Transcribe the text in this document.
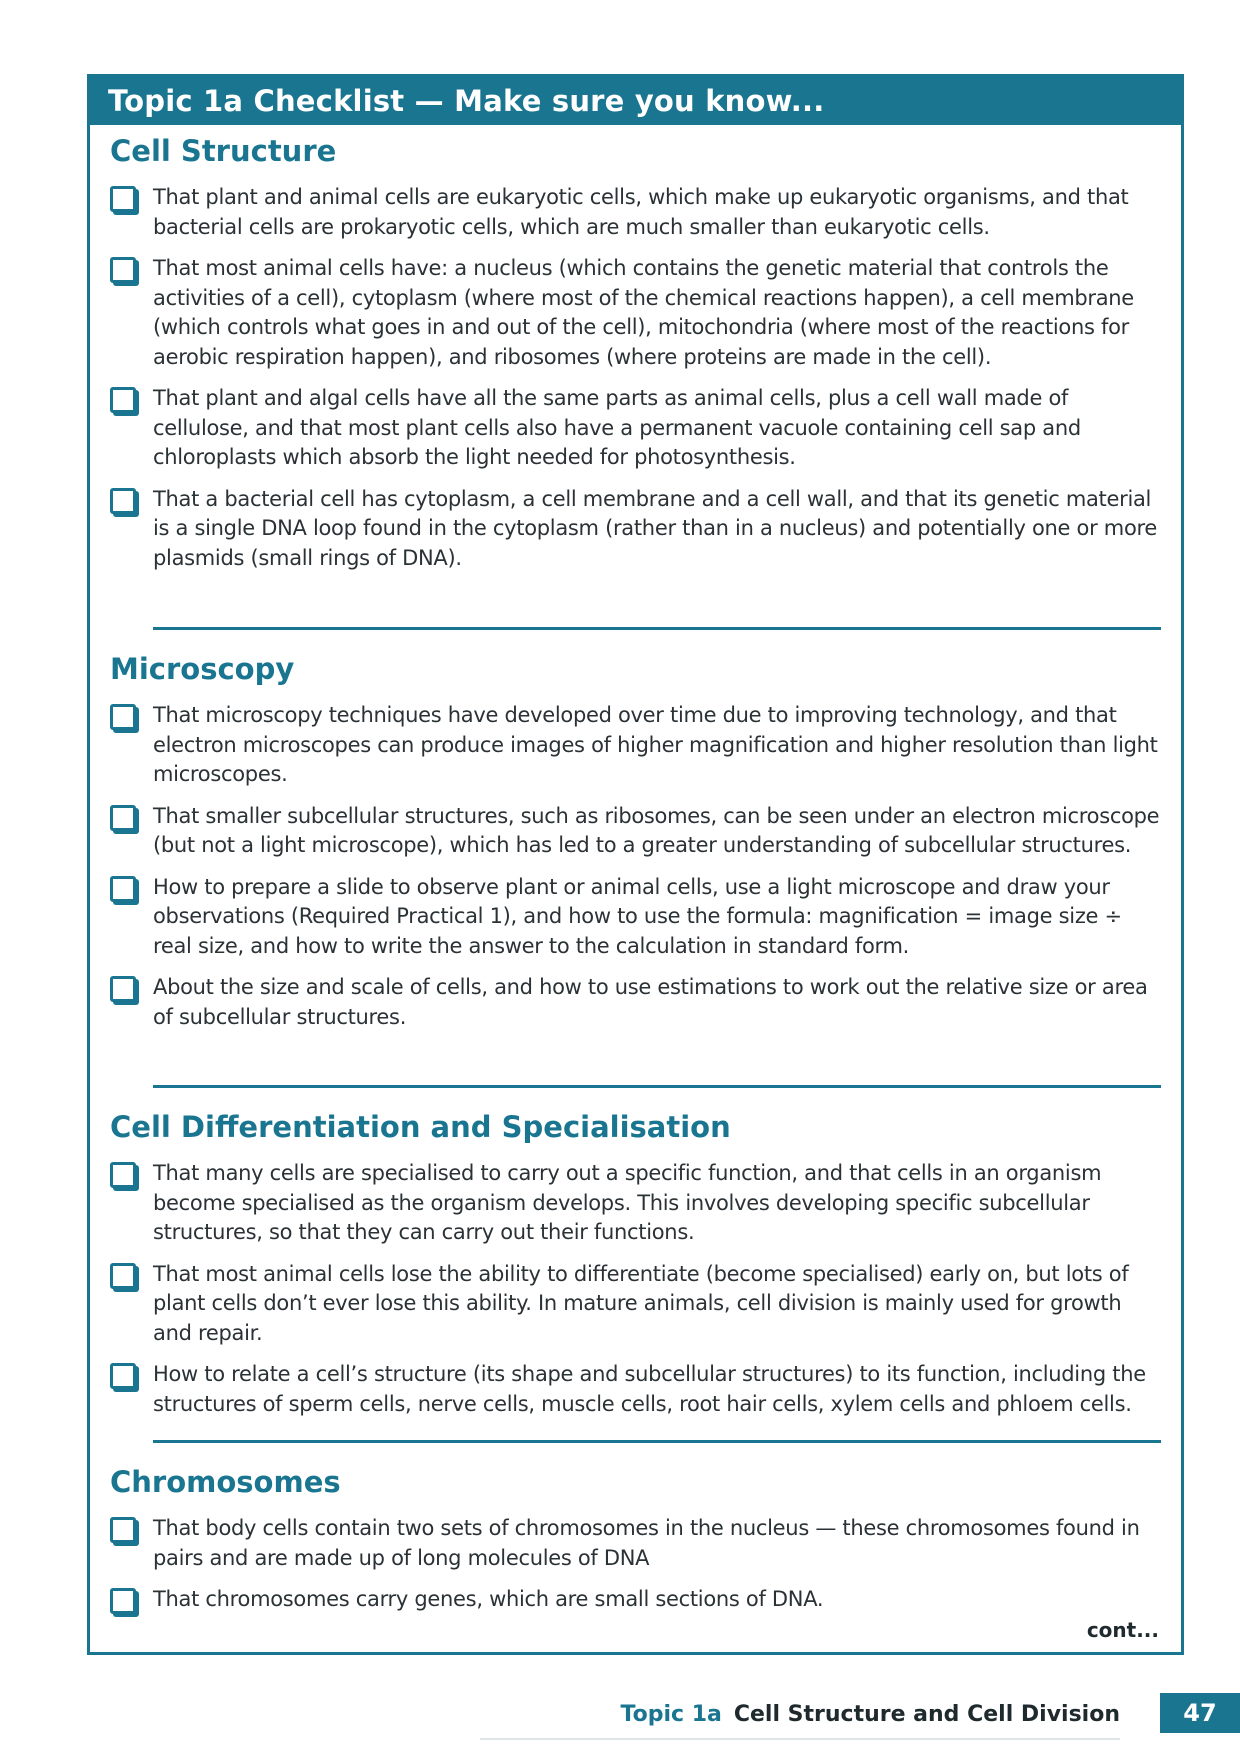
Topic 1a Checklist — Make sure you know...
Cell Structure
That plant and animal cells are eukaryotic cells, which make up eukaryotic organisms, and that bacterial cells are prokaryotic cells, which are much smaller than eukaryotic cells.
That most animal cells have: a nucleus (which contains the genetic material that controls the activities of a cell), cytoplasm (where most of the chemical reactions happen), a cell membrane (which controls what goes in and out of the cell), mitochondria (where most of the reactions for aerobic respiration happen), and ribosomes (where proteins are made in the cell).
That plant and algal cells have all the same parts as animal cells, plus a cell wall made of cellulose, and that most plant cells also have a permanent vacuole containing cell sap and chloroplasts which absorb the light needed for photosynthesis.
That a bacterial cell has cytoplasm, a cell membrane and a cell wall, and that its genetic material is a single DNA loop found in the cytoplasm (rather than in a nucleus) and potentially one or more plasmids (small rings of DNA).
Microscopy
That microscopy techniques have developed over time due to improving technology, and that electron microscopes can produce images of higher magnification and higher resolution than light microscopes.
That smaller subcellular structures, such as ribosomes, can be seen under an electron microscope (but not a light microscope), which has led to a greater understanding of subcellular structures.
How to prepare a slide to observe plant or animal cells, use a light microscope and draw your observations (Required Practical 1), and how to use the formula: magnification = image size ÷ real size, and how to write the answer to the calculation in standard form.
About the size and scale of cells, and how to use estimations to work out the relative size or area of subcellular structures.
Cell Differentiation and Specialisation
That many cells are specialised to carry out a specific function, and that cells in an organism become specialised as the organism develops. This involves developing specific subcellular structures, so that they can carry out their functions.
That most animal cells lose the ability to differentiate (become specialised) early on, but lots of plant cells don’t ever lose this ability. In mature animals, cell division is mainly used for growth and repair.
How to relate a cell’s structure (its shape and subcellular structures) to its function, including the structures of sperm cells, nerve cells, muscle cells, root hair cells, xylem cells and phloem cells.
Chromosomes
That body cells contain two sets of chromosomes in the nucleus — these chromosomes found in pairs and are made up of long molecules of DNA
That chromosomes carry genes, which are small sections of DNA.
cont...
Topic 1a Cell Structure and Cell Division	47
